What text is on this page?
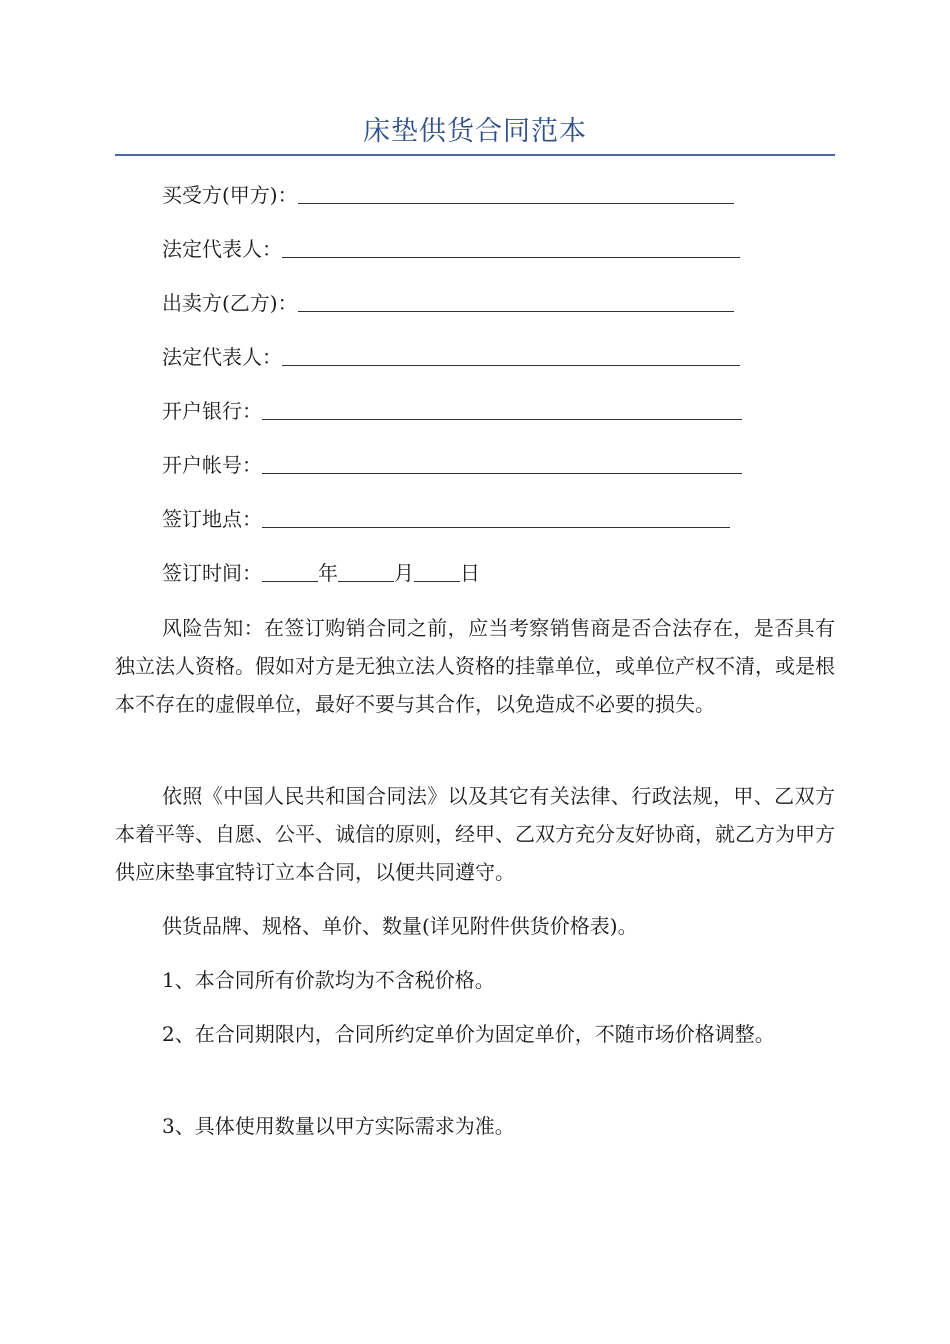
床垫供货合同范本
买受方(甲方)：
法定代表人：
出卖方(乙方)：
法定代表人：
开户银行：
开户帐号：
签订地点：
签订时间：	年	月 日

风险告知：在签订购销合同之前，应当考察销售商是否合法存在，是否具有独立法人资格。假如对方是无独立法人资格的挂靠单位，或单位产权不清，或是根本不存在的虚假单位，最好不要与其合作，以免造成不必要的损失。

依照《中国人民共和国合同法》以及其它有关法律、行政法规，甲、乙双方本着平等、自愿、公平、诚信的原则，经甲、乙双方充分友好协商，就乙方为甲方供应床垫事宜特订立本合同，以便共同遵守。

供货品牌、规格、单价、数量(详见附件供货价格表)。

1、本合同所有价款均为不含税价格。

2、在合同期限内，合同所约定单价为固定单价，不随市场价格调整。

3、具体使用数量以甲方实际需求为准。
